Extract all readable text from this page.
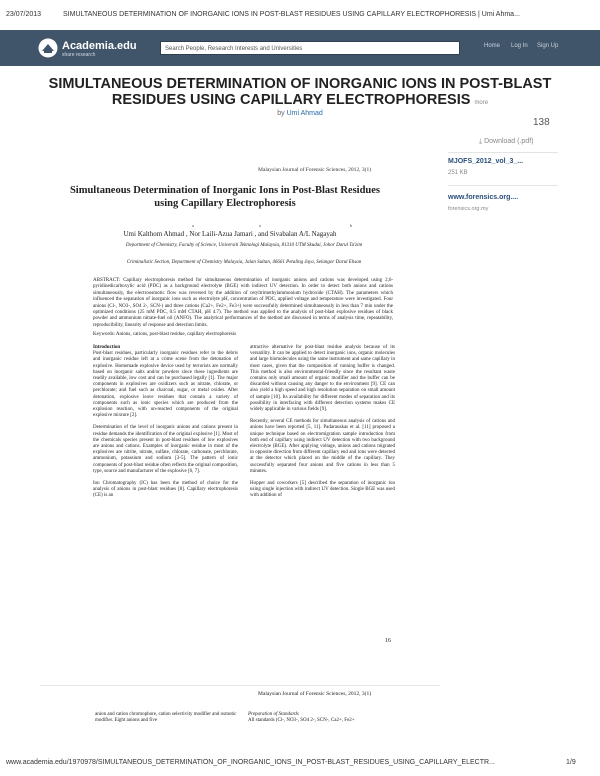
23/07/2013	SIMULTANEOUS DETERMINATION OF INORGANIC IONS IN POST-BLAST RESIDUES USING CAPILLARY ELECTROPHORESIS | Umi Ahma...
Academia.edu
share research
Search People, Research Interests and Universities	Home Log In Sign Up
SIMULTANEOUS DETERMINATION OF INORGANIC IONS IN POST-BLAST RESIDUES USING CAPILLARY ELECTROPHORESIS more
by Umi Ahmad
138
⤓ Download (.pdf)
MJOFS_2012_vol_3_...
251 KB
www.forensics.org....
forensics.org.my
Malaysian Journal of Forensic Sciences, 2012, 3(1)
Simultaneous Determination of Inorganic Ions in Post-Blast Residues using Capillary Electrophoresis
a	a	b
Umi Kalthom Ahmad , Nor Laili-Azua Jamari , and Sivabalan A/L Nagayah
Department of Chemistry, Faculty of Science, Universiti Teknologi Malaysia, 81310 UTM Skudai, Johor Darul Ta'zim
Criminalistic Section, Department of Chemistry Malaysia, Jalan Sultan, 46661 Petaling Jaya, Selangor Darul Ehsan
ABSTRACT: Capillary electrophoresis method for simultaneous determination of inorganic anions and cations was developed using 2,6-pyridinedicarboxylic acid (PDC) as a background electrolyte (BGE) with indirect UV detection. In order to detect both anions and cations simultaneously, the electroosmotic flow was reversed by the addition of cetyltrimethylammonium hydroxide (CTAH). The parameters which influenced the separation of inorganic ions such as electrolyte pH, concentration of PDC, applied voltage and temperature were investigated. Four anions (Cl-, NO3-, SO4 2-, SCN-) and three cations (Ca2+, Fe2+, Fe3+) were successfully determined simultaneously in less than 7 min under the optimized conditions (25 mM PDC, 0.5 mM CTAH, pH 4.7). The method was applied to the analysis of post-blast explosive residues of black powder and ammonium nitrate-fuel oil (ANFO). The analytical performances of the method are discussed in terms of analysis time, repeatability, reproducibility, linearity of response and detection limits.
Keywords: Anions, cations, post-blast residue, capillary electrophoresis
Introduction

Post-blast residues, particularly inorganic residues refer to the debris and inorganic residue left at a crime scene from the detonation of explosive. Homemade explosive device used by terrorists are normally based on inorganic salts and/or powders since these ingredients are readily available, low cost and can be purchased legally [1]. The major components in explosives are oxidizers such as nitrate, chlorate, or perchlorate; and fuel such as charcoal, sugar, or metal oxides. After detonation, explosive leave residues that contain a variety of components such as ionic species which are produced from the explosion reaction, with un-reacted components of the original explosive mixture [2].

Determination of the level of inorganic anions and cations present in residue demands the identification of the original explosive [1]. Most of the chemicals species present in post-blast residues of low explosives are anions and cations. Examples of inorganic residue in most of the explosives are nitrite, nitrate, sulfate, chlorate, carbonate, perchlorate, ammonium, potassium and sodium [3-5]. The pattern of ionic components of post-blast residue often reflects the original composition, type, source and manufacturer of the explosive [6, 7].

Ion Chromatography (IC) has been the method of choice for the analysis of anions in post-blast residues [8]. Capillary electrophoresis (CE) is an

attractive alternative for post-blast residue analysis because of its versatility. It can be applied to detect inorganic ions, organic molecules and large biomolecules using the same instrument and same capillary in most cases, given that the composition of running buffer is changed. This method is also environmental-friendly since the resultant waste contains only small amount of organic modifier and the buffer can be discarded without causing any danger to the environment [9]. CE can also yield a high speed and high resolution separation on small amount of sample [10]. Its availability for different modes of separation and its possibility in interfacing with different detection systems makes CE widely applicable in various fields [9].

Recently, several CE methods for simultaneous analysis of cations and anions have been reported [5, 11]. Padarauskas et al. [11] proposed a unique technique based on electromigration sample introduction from both end of capillary using indirect UV detection with two background electrolyte (BGE). After applying voltage, anions and cations migrated in opposite direction from different capillary end and ions were detected at the detector which placed on the middle of the capillary. They successfully separated four anions and five cations in less than 5 minutes.

Hopper and coworkers [5] described the separation of inorganic ion using single injection with indirect UV detection. Single BGE was used with addition of

16
Malaysian Journal of Forensic Sciences, 2012, 3(1)
anion and cation chromophore, cation selectivity modifier and osmotic modifier. Eight anions and five
Preparation of Standards
All standards (Cl-, NO3-, SO4 2-, SCN-, Ca2+, Fe2+
www.academia.edu/1970978/SIMULTANEOUS_DETERMINATION_OF_INORGANIC_IONS_IN_POST-BLAST_RESIDUES_USING_CAPILLARY_ELECTR...	1/9
